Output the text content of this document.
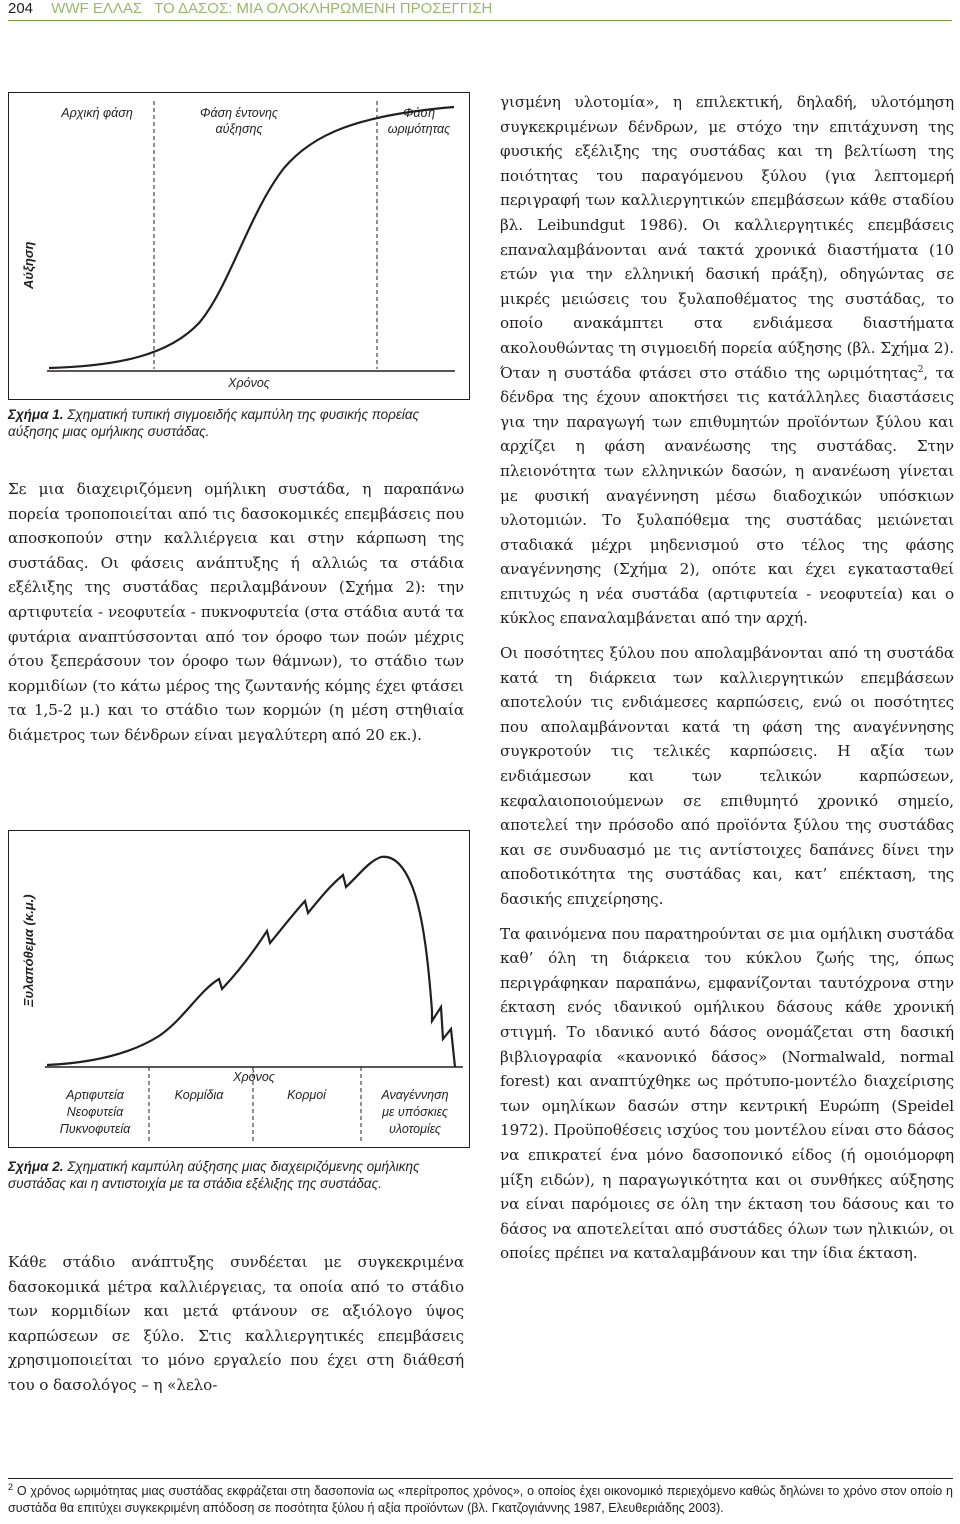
204 WWF ΕΛΛΑΣ ΤΟ ΔΑΣΟΣ: ΜΙΑ ΟΛΟΚΛΗΡΩΜΕΝΗ ΠΡΟΣΕΓΓΙΣΗ
Αρχική φάση	Φάση έντονης
αύξησης
Φάση
ωριμότητας
Χρόνος
Αύξηση
Σχήμα 1. Σχηματική τυπική σιγμοειδής καμπύλη της φυσικής πορείας αύξησης μιας ομήλικης συστάδας.

Σε μια διαχειριζόμενη ομήλικη συστάδα, η παραπάνω πορεία τροποποιείται από τις δασοκομικές επεμβάσεις που αποσκοπούν στην καλλιέργεια και στην κάρπωση της συστάδας. Οι φάσεις ανάπτυξης ή αλλιώς τα στάδια εξέλιξης της συστάδας περιλαμβάνουν (Σχήμα 2): την αρτιφυτεία - νεοφυτεία - πυκνοφυτεία (στα στάδια αυτά τα φυτάρια αναπτύσσονται από τον όροφο των ποών μέχρις ότου ξεπεράσουν τον όροφο των θάμνων), το στάδιο των κορμιδίων (το κάτω μέρος της ζωντανής κόμης έχει φτάσει τα 1,5-2 μ.) και το στάδιο των κορμών (η μέση στηθιαία διάμετρος των δένδρων είναι μεγαλύτερη από 20 εκ.).

Ξυλαπόθεμα (κ.μ.)
Χρόνος
Αρτιφυτεία
Νεοφυτεία
Πυκνοφυτεία
Κορμίδια	Κορμοί	Αναγέννηση
με υπόσκιες
υλοτομίες
Σχήμα 2. Σχηματική καμπύλη αύξησης μιας διαχειριζόμενης ομήλικης συστάδας και η αντιστοιχία με τα στάδια εξέλιξης της συστάδας.

Κάθε στάδιο ανάπτυξης συνδέεται με συγκεκριμένα δασοκομικά μέτρα καλλιέργειας, τα οποία από το στάδιο των κορμιδίων και μετά φτάνουν σε αξιόλογο ύψος καρπώσεων σε ξύλο. Στις καλλιεργητικές επεμβάσεις χρησιμοποιείται το μόνο εργαλείο που έχει στη διάθεσή του ο δασολόγος – η «λελο-

γισμένη υλοτομία», η επιλεκτική, δηλαδή, υλοτόμηση συγκεκριμένων δένδρων, με στόχο την επιτάχυνση της φυσικής εξέλιξης της συστάδας και τη βελτίωση της ποιότητας του παραγόμενου ξύλου (για λεπτομερή περιγραφή των καλλιεργητικών επεμβάσεων κάθε σταδίου βλ. Leibundgut 1986). Οι καλλιεργητικές επεμβάσεις επαναλαμβάνονται ανά τακτά χρονικά διαστήματα (10 ετών για την ελληνική δασική πράξη), οδηγώντας σε μικρές μειώσεις του ξυλαποθέματος της συστάδας, το οποίο ανακάμπτει στα ενδιάμεσα διαστήματα ακολουθώντας τη σιγμοειδή πορεία αύξησης (βλ. Σχήμα 2). Όταν η συστάδα φτάσει στο στάδιο της ωριμότητας$^2$, τα δένδρα της έχουν αποκτήσει τις κατάλληλες διαστάσεις για την παραγωγή των επιθυμητών προϊόντων ξύλου και αρχίζει η φάση ανανέωσης της συστάδας. Στην πλειονότητα των ελληνικών δασών, η ανανέωση γίνεται με φυσική αναγέννηση μέσω διαδοχικών υπόσκιων υλοτομιών. Το ξυλαπόθεμα της συστάδας μειώνεται σταδιακά μέχρι μηδενισμού στο τέλος της φάσης αναγέννησης (Σχήμα 2), οπότε και έχει εγκατασταθεί επιτυχώς η νέα συστάδα (αρτιφυτεία - νεοφυτεία) και ο κύκλος επαναλαμβάνεται από την αρχή.

Οι ποσότητες ξύλου που απολαμβάνονται από τη συστάδα κατά τη διάρκεια των καλλιεργητικών επεμβάσεων αποτελούν τις ενδιάμεσες καρπώσεις, ενώ οι ποσότητες που απολαμβάνονται κατά τη φάση της αναγέννησης συγκροτούν τις τελικές καρπώσεις. Η αξία των ενδιάμεσων και των τελικών καρπώσεων, κεφαλαιοποιούμενων σε επιθυμητό χρονικό σημείο, αποτελεί την πρόσοδο από προϊόντα ξύλου της συστάδας και σε συνδυασμό με τις αντίστοιχες δαπάνες δίνει την αποδοτικότητα της συστάδας και, κατ’ επέκταση, της δασικής επιχείρησης.

Τα φαινόμενα που παρατηρούνται σε μια ομήλικη συστάδα καθ’ όλη τη διάρκεια του κύκλου ζωής της, όπως περιγράφηκαν παραπάνω, εμφανίζονται ταυτόχρονα στην έκταση ενός ιδανικού ομήλικου δάσους κάθε χρονική στιγμή. Το ιδανικό αυτό δάσος ονομάζεται στη δασική βιβλιογραφία «κανονικό δάσος» (Normalwald, normal forest) και αναπτύχθηκε ως πρότυπο-μοντέλο διαχείρισης των ομηλίκων δασών στην κεντρική Ευρώπη (Speidel 1972). Προϋποθέσεις ισχύος του μοντέλου είναι στο δάσος να επικρατεί ένα μόνο δασοπονικό είδος (ή ομοιόμορφη μίξη ειδών), η παραγωγικότητα και οι συνθήκες αύξησης να είναι παρόμοιες σε όλη την έκταση του δάσους και το δάσος να αποτελείται από συστάδες όλων των ηλικιών, οι οποίες πρέπει να καταλαμβάνουν και την ίδια έκταση.

$^2$ Ο χρόνος ωριμότητας μιας συστάδας εκφράζεται στη δασοπονία ως «περίτροπος χρόνος», ο οποίος έχει οικονομικό περιεχόμενο καθώς δηλώνει το χρόνο στον οποίο η συστάδα θα επιτύχει συγκεκριμένη απόδοση σε ποσότητα ξύλου ή αξία προϊόντων (βλ. Γκατζογιάννης 1987, Ελευθεριάδης 2003).
